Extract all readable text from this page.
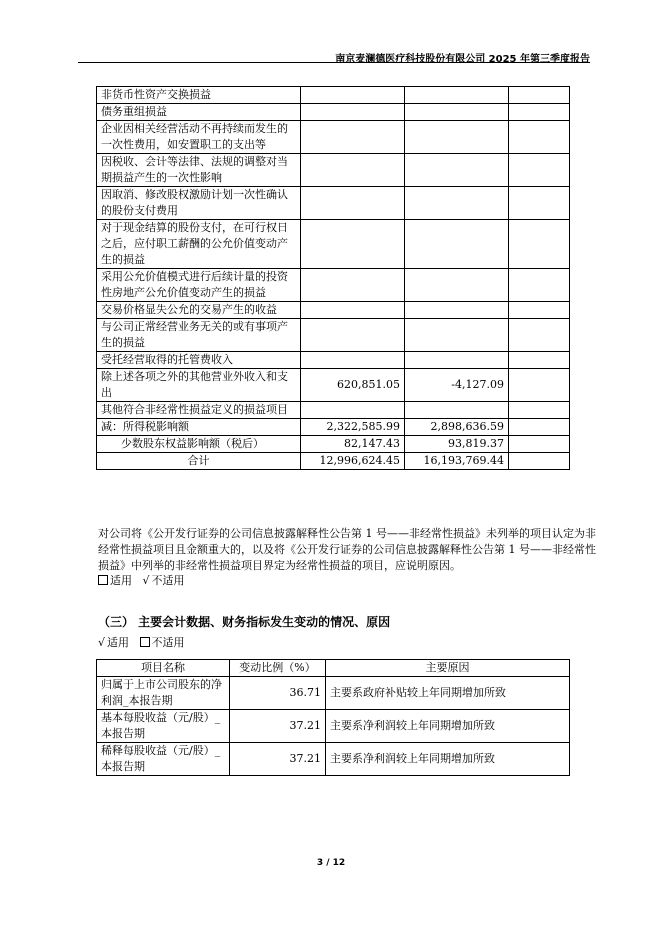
南京麦澜德医疗科技股份有限公司 2025 年第三季度报告
非货币性资产交换损益			
债务重组损益			
企业因相关经营活动不再持续而发生的一次性费用，如安置职工的支出等			
因税收、会计等法律、法规的调整对当期损益产生的一次性影响			
因取消、修改股权激励计划一次性确认的股份支付费用			
对于现金结算的股份支付，在可行权日之后，应付职工薪酬的公允价值变动产生的损益			
采用公允价值模式进行后续计量的投资性房地产公允价值变动产生的损益			
交易价格显失公允的交易产生的收益			
与公司正常经营业务无关的或有事项产生的损益			
受托经营取得的托管费收入			
除上述各项之外的其他营业外收入和支出	620,851.05	-4,127.09	
其他符合非经常性损益定义的损益项目			
减：所得税影响额	2,322,585.99	2,898,636.59	
少数股东权益影响额（税后）	82,147.43	93,819.37	
合计	12,996,624.45	16,193,769.44	
对公司将《公开发行证券的公司信息披露解释性公告第 1 号——非经常性损益》未列举的项目认定为非经常性损益项目且金额重大的，以及将《公开发行证券的公司信息披露解释性公告第 1 号——非经常性损益》中列举的非经常性损益项目界定为经常性损益的项目，应说明原因。
适用 √ 不适用
（三） 主要会计数据、财务指标发生变动的情况、原因
√ 适用 不适用
项目名称	变动比例（%）	主要原因
归属于上市公司股东的净利润_本报告期	36.71	主要系政府补贴较上年同期增加所致
基本每股收益（元/股）_本报告期	37.21	主要系净利润较上年同期增加所致
稀释每股收益（元/股）_本报告期	37.21	主要系净利润较上年同期增加所致
3 / 12
